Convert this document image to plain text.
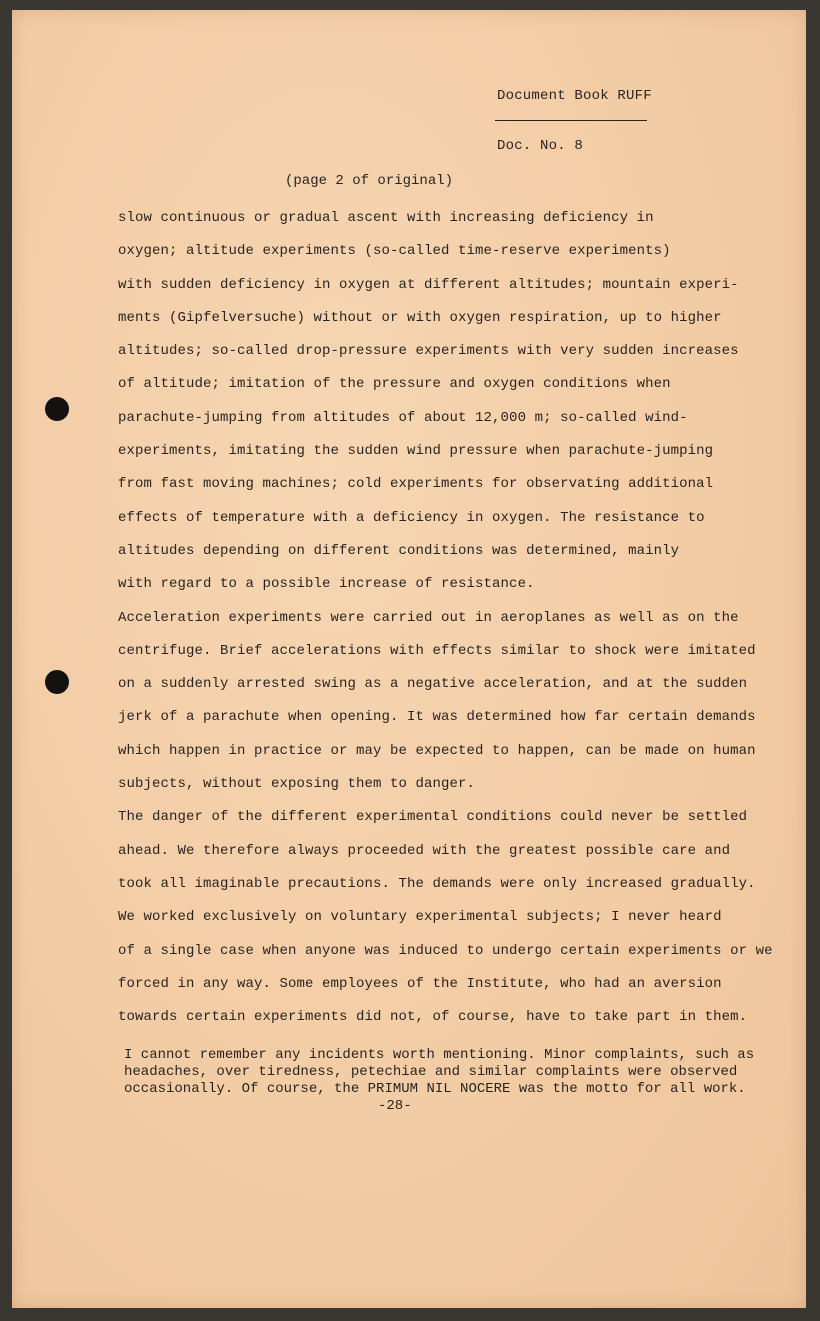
Document Book RUFF
Doc. No. 8
(page 2 of original)
slow continuous or gradual ascent with increasing deficiency in
oxygen; altitude experiments (so-called time-reserve experiments)
with sudden deficiency in oxygen at different altitudes; mountain experi-
ments (Gipfelversuche) without or with oxygen respiration, up to higher
altitudes; so-called drop-pressure experiments with very sudden increases
of altitude; imitation of the pressure and oxygen conditions when
parachute-jumping from altitudes of about 12,000 m; so-called wind-
experiments, imitating the sudden wind pressure when parachute-jumping
from fast moving machines; cold experiments for observating additional
effects of temperature with a deficiency in oxygen. The resistance to
altitudes depending on different conditions was determined, mainly
with regard to a possible increase of resistance.
Acceleration experiments were carried out in aeroplanes as well as on the
centrifuge. Brief accelerations with effects similar to shock were imitated
on a suddenly arrested swing as a negative acceleration, and at the sudden
jerk of a parachute when opening. It was determined how far certain demands
which happen in practice or may be expected to happen, can be made on human
subjects, without exposing them to danger.
The danger of the different experimental conditions could never be settled
ahead. We therefore always proceeded with the greatest possible care and
took all imaginable precautions. The demands were only increased gradually.
We worked exclusively on voluntary experimental subjects; I never heard
of a single case when anyone was induced to undergo certain experiments or we
forced in any way. Some employees of the Institute, who had an aversion
towards certain experiments did not, of course, have to take part in them.
I cannot remember any incidents worth mentioning. Minor complaints, such as
headaches, over tiredness, petechiae and similar complaints were observed
occasionally. Of course, the PRIMUM NIL NOCERE was the motto for all work.
-28-
